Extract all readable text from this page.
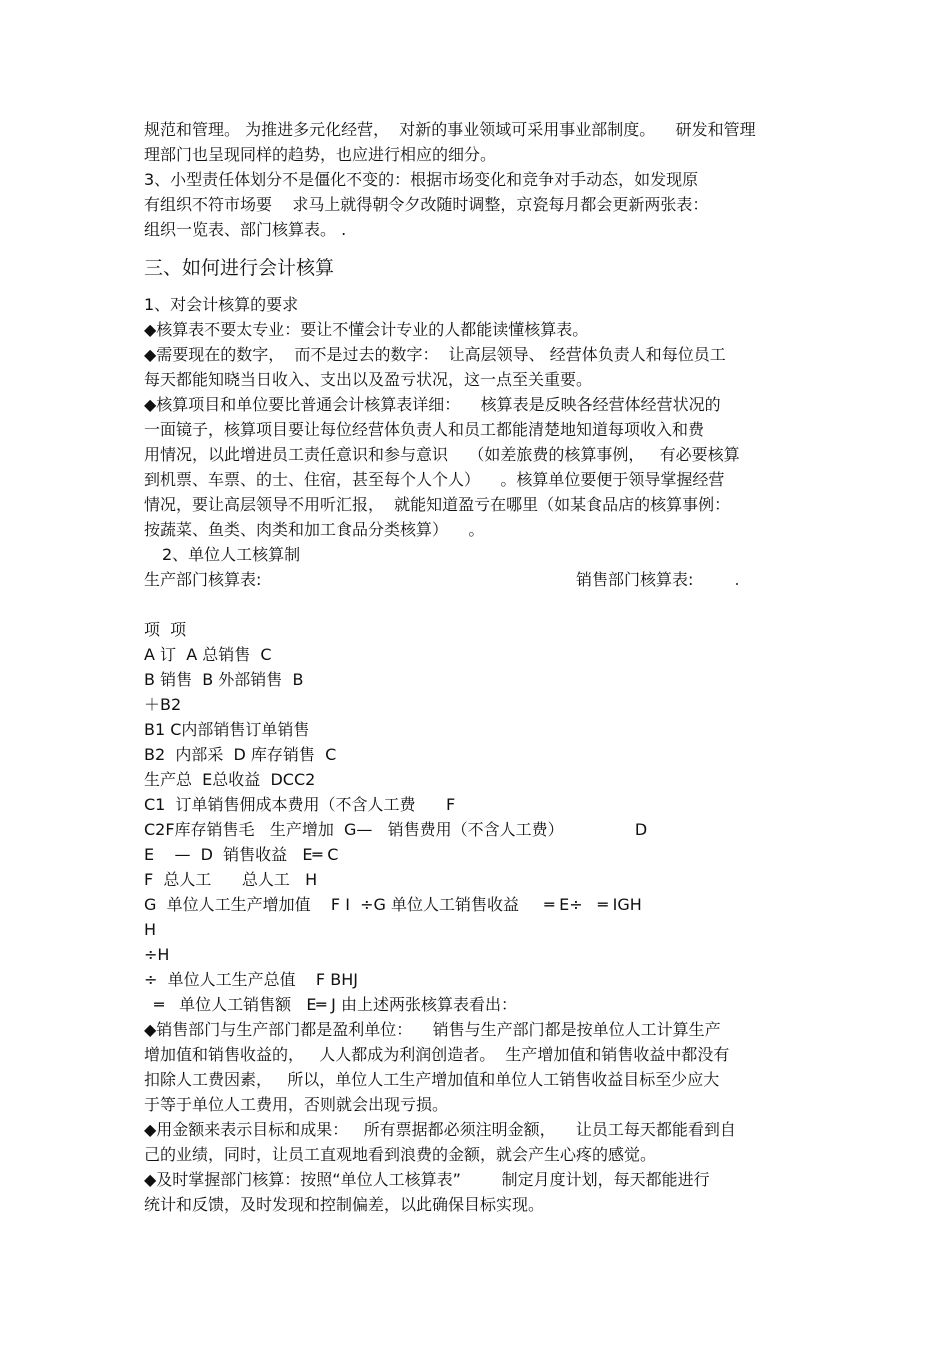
规范和管理。 为推进多元化经营，  对新的事业领域可采用事业部制度。    研发和管理
理部门也呈现同样的趋势，也应进行相应的细分。
3、小型责任体划分不是僵化不变的：根据市场变化和竞争对手动态，如发现原
有组织不符市场要    求马上就得朝令夕改随时调整，京瓷每月都会更新两张表：
组织一览表、部门核算表。 .
三、如何进行会计核算
1、对会计核算的要求
◆核算表不要太专业：要让不懂会计专业的人都能读懂核算表。
◆需要现在的数字，  而不是过去的数字：  让高层领导、 经营体负责人和每位员工
每天都能知晓当日收入、支出以及盈亏状况，这一点至关重要。
◆核算项目和单位要比普通会计核算表详细：    核算表是反映各经营体经营状况的
一面镜子，核算项目要让每位经营体负责人和员工都能清楚地知道每项收入和费
用情况，以此增进员工责任意识和参与意识    （如差旅费的核算事例，   有必要核算
到机票、车票、的士、住宿，甚至每个人个人）    。核算单位要便于领导掌握经营
情况，要让高层领导不用听汇报，  就能知道盈亏在哪里（如某食品店的核算事例：
按蔬菜、鱼类、肉类和加工食品分类核算）    。
2、单位人工核算制
生产部门核算表:	销售部门核算表:
项  项
A 订  A 总销售  C
B 销售  B 外部销售  B
＋B2
B1 C内部销售订单销售
B2  内部采  D 库存销售  C
生产总  E总收益  DCC2
C1  订单销售佣成本费用（不含人工费      F
C2F库存销售毛   生产增加  G—   销售费用（不含人工费）              D
E    —  D  销售收益   E═ C
F  总人工      总人工   H
G  单位人工生产增加值    F I  ÷G 单位人工销售收益     ═ E÷   ═ IGH
H
÷H
÷  单位人工生产总值    F BHJ
═   单位人工销售额   E═ J 由上述两张核算表看出：
◆销售部门与生产部门都是盈利单位：    销售与生产部门都是按单位人工计算生产
增加值和销售收益的，   人人都成为利润创造者。  生产增加值和销售收益中都没有
扣除人工费因素，   所以，单位人工生产增加值和单位人工销售收益目标至少应大
于等于单位人工费用，否则就会出现亏损。
◆用金额来表示目标和成果：   所有票据都必须注明金额，    让员工每天都能看到自
己的业绩，同时，让员工直观地看到浪费的金额，就会产生心疼的感觉。
◆及时掌握部门核算：按照“单位人工核算表”        制定月度计划，每天都能进行
统计和反馈，及时发现和控制偏差，以此确保目标实现。
